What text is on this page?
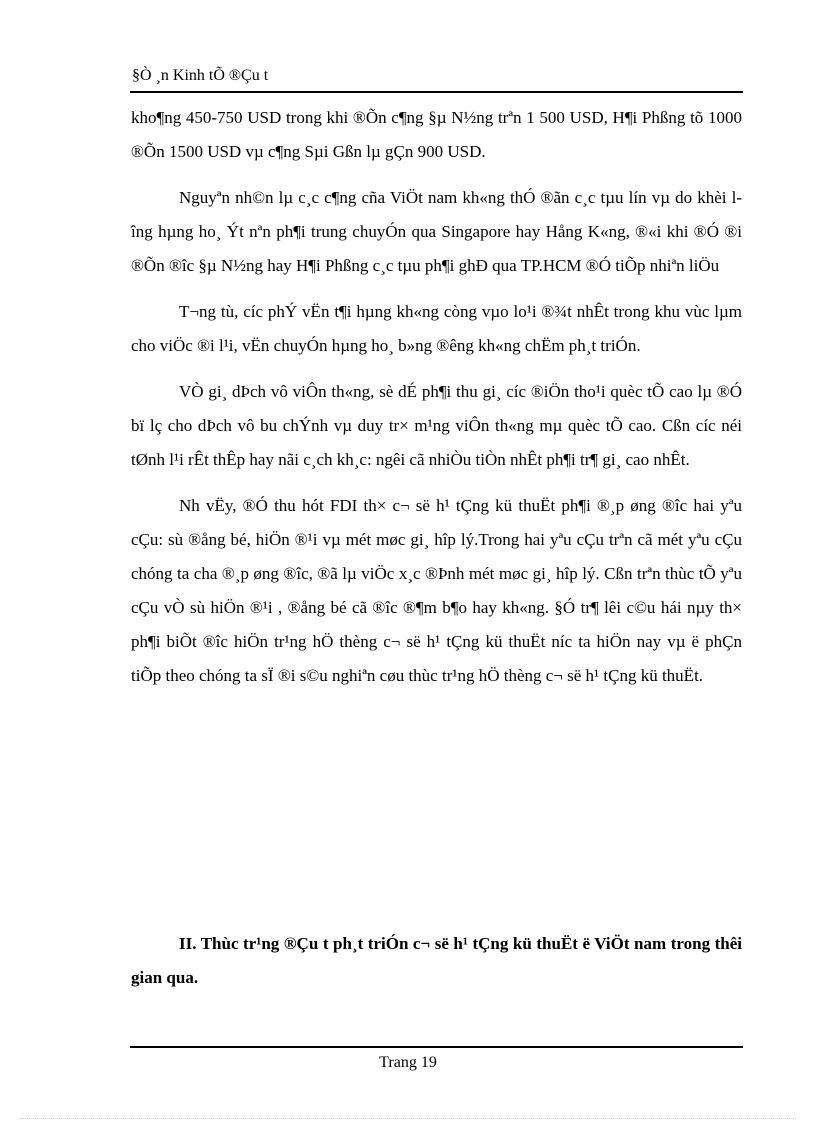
§Ò ¸n Kinh tÕ ®Çu t

kho¶ng 450-750 USD trong khi ®Õn c¶ng §µ N½ng trªn 1 500 USD, H¶i Phßng tõ 1000 ®Õn 1500 USD vµ c¶ng Sµi Gßn lµ gÇn 900 USD.

Nguyªn nh©n lµ c¸c c¶ng cña ViÖt nam kh«ng thÓ ®ãn c¸c tµu lín vµ do khèi lîng hµng ho¸ Ýt nªn ph¶i trung chuyÓn qua Singapore hay Hång K«ng, ®«i khi ®Ó ®i ®Õn ®îc §µ N½ng hay H¶i Phßng c¸c tµu ph¶i ghÐ qua TP.HCM ®Ó tiÕp nhiªn liÖu

T¬ng tù, cíc phÝ vËn t¶i hµng kh«ng còng vµo lo¹i ®¾t nhÊt trong khu vùc lµm cho viÖc ®i l¹i, vËn chuyÓn hµng ho¸ b»ng ®êng kh«ng chËm ph¸t triÓn.

VÒ gi¸ dÞch vô viÔn th«ng, sè dÉ ph¶i thu gi¸ cíc ®iÖn tho¹i quèc tÕ cao lµ ®Ó bï lç cho dÞch vô bu chÝnh vµ duy tr× m¹ng viÔn th«ng mµ quèc tÕ cao. Cßn cíc néi tØnh l¹i rÊt thÊp hay nãi c¸ch kh¸c: ngêi cã nhiÒu tiÒn nhÊt ph¶i tr¶ gi¸ cao nhÊt.

Nh vËy, ®Ó thu hót FDI th× c¬ së h¹ tÇng kü thuËt ph¶i ®¸p øng ®îc hai yªu cÇu: sù ®ång bé, hiÖn ®¹i vµ mét møc gi¸ hîp lý.Trong hai yªu cÇu trªn cã mét yªu cÇu chóng ta cha ®¸p øng ®îc, ®ã lµ viÖc x¸c ®Þnh mét møc gi¸ hîp lý. Cßn trªn thùc tÕ yªu cÇu vÒ sù hiÖn ®¹i , ®ång bé cã ®îc ®¶m b¶o hay kh«ng. §Ó tr¶ lêi c©u hái nµy th× ph¶i biÕt ®îc hiÖn tr¹ng hÖ thèng c¬ së h¹ tÇng kü thuËt níc ta hiÖn nay vµ ë phÇn tiÕp theo chóng ta sÏ ®i s©u nghiªn cøu thùc tr¹ng hÖ thèng c¬ së h¹ tÇng kü thuËt.

II. Thùc tr¹ng ®Çu t ph¸t triÓn c¬ së h¹ tÇng kü thuËt ë ViÖt nam trong thêi gian qua.
Trang 19
